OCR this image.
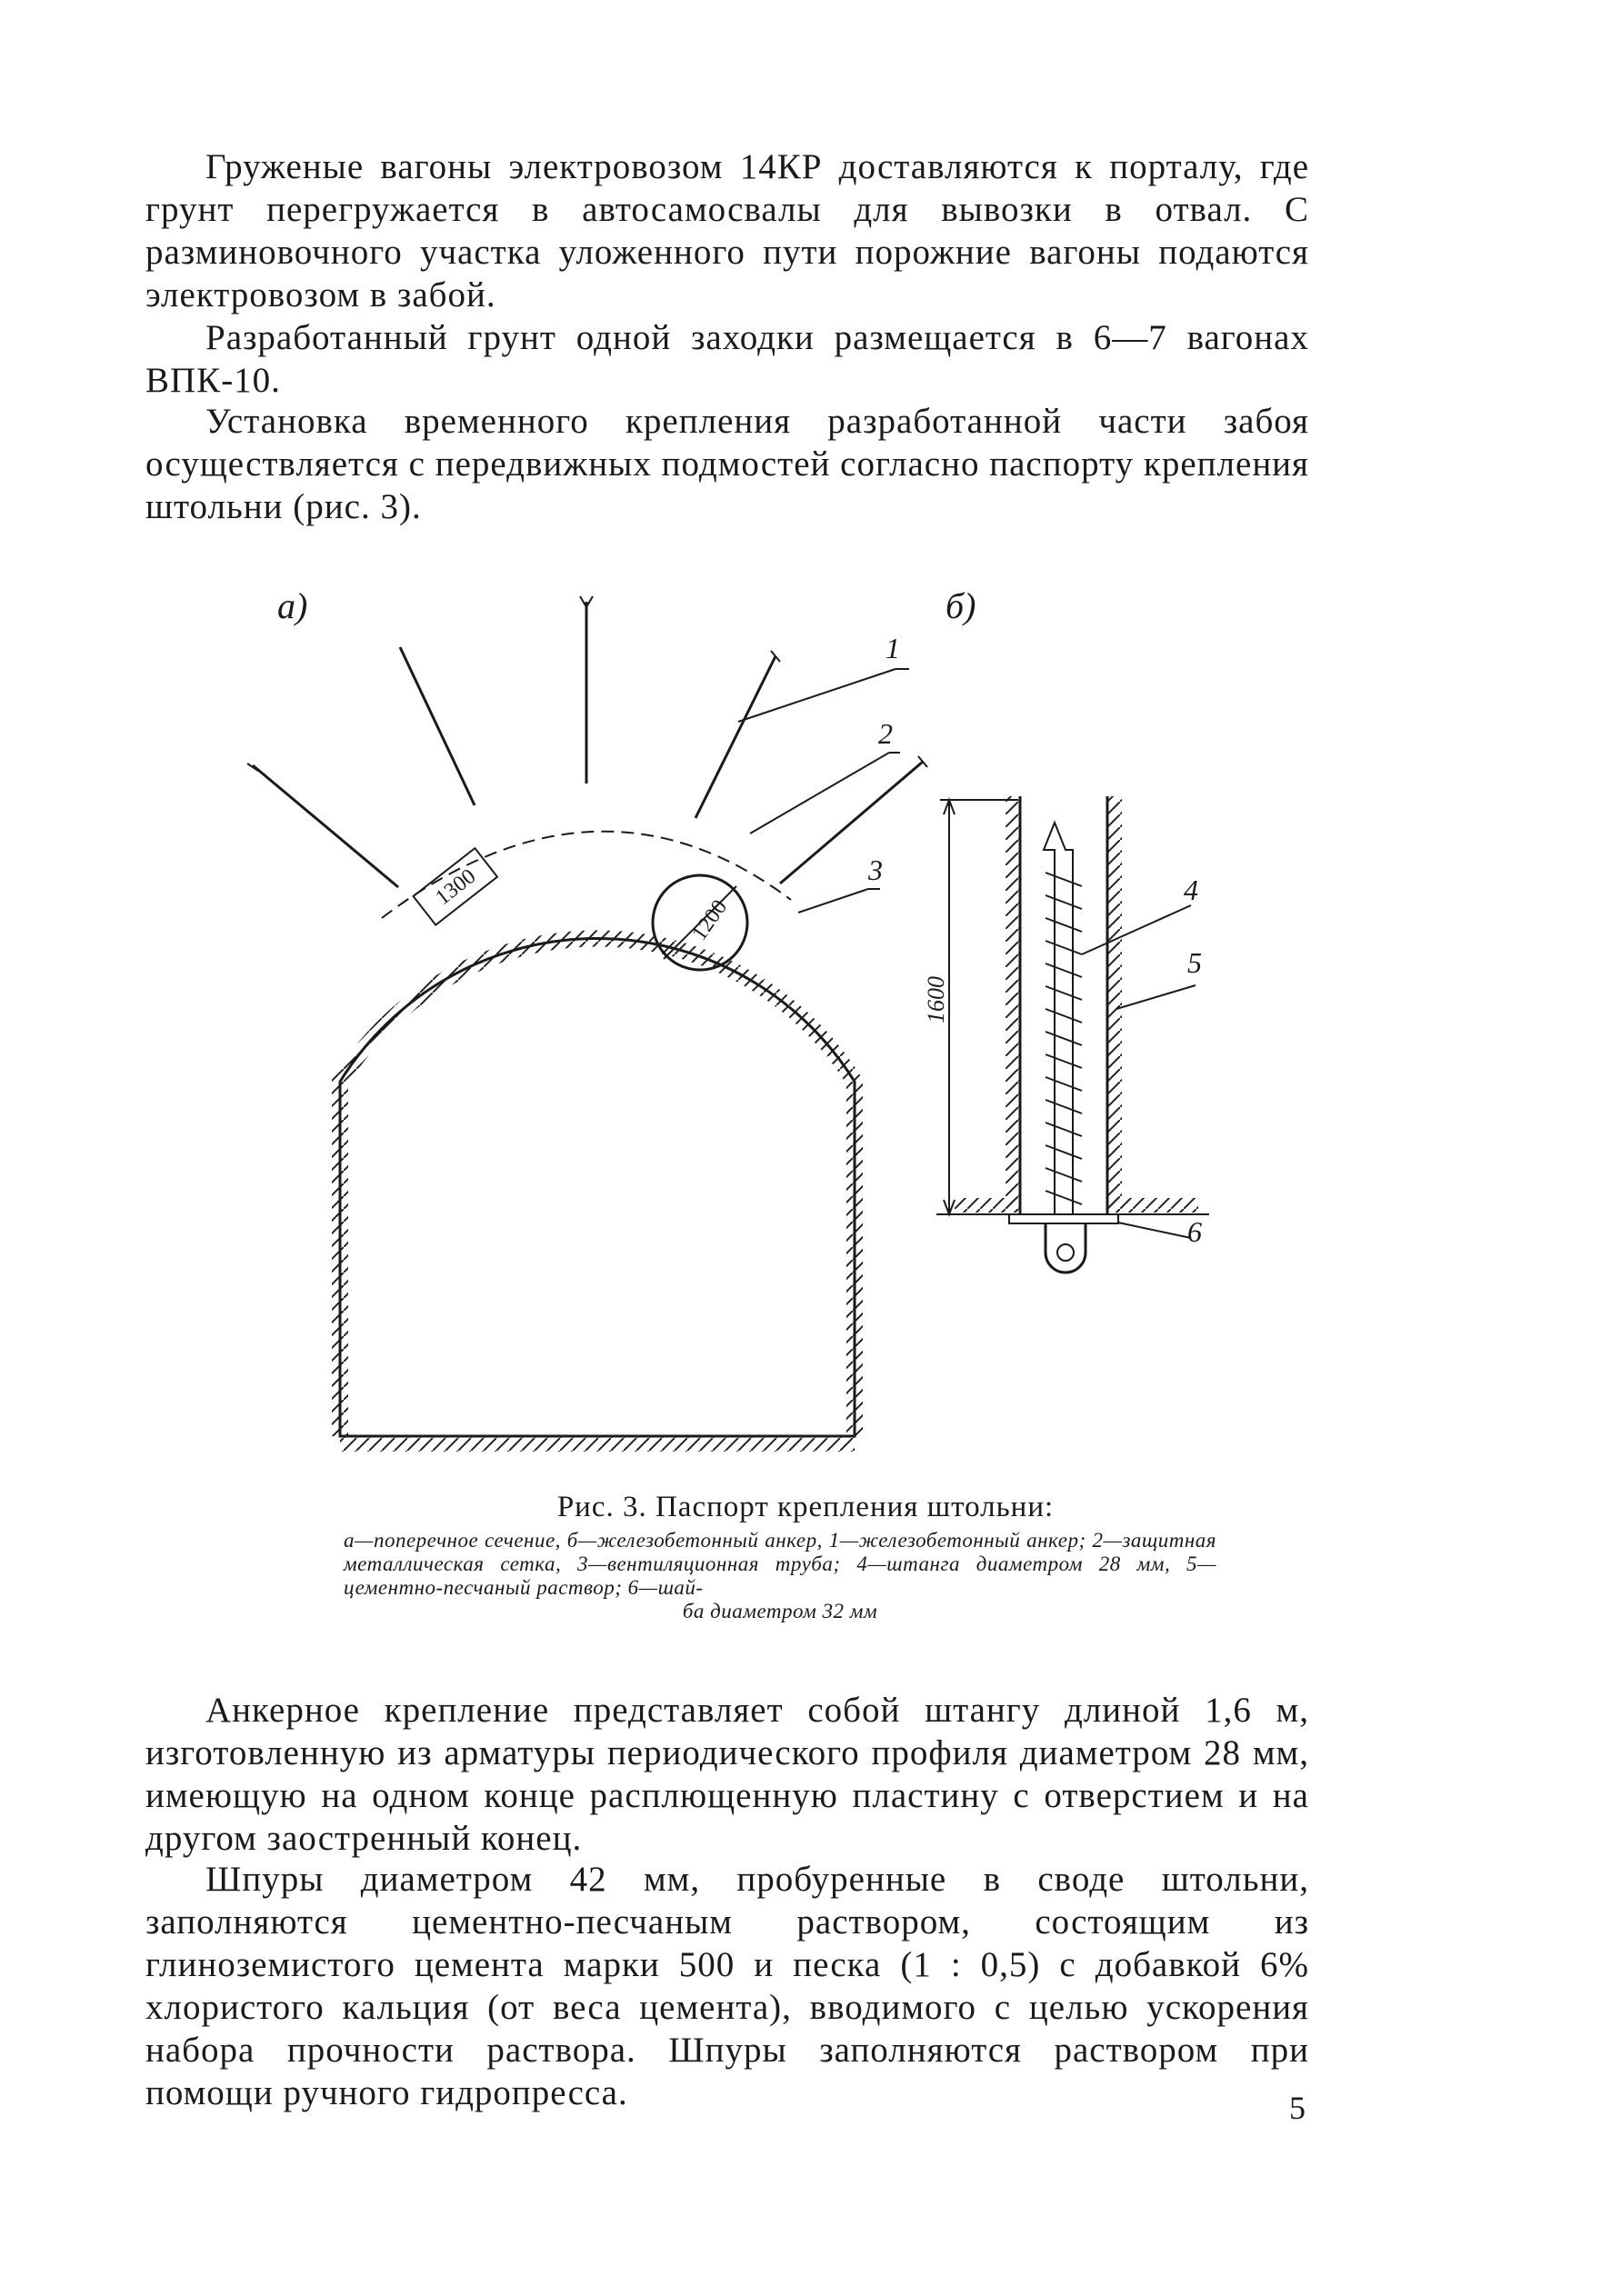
Груженые вагоны электровозом 14КР доставляются к порталу, где грунт перегружается в автосамосвалы для вывозки в отвал. С разминовочного участка уложенного пути порожние вагоны подаются электровозом в забой.

Разработанный грунт одной заходки размещается в 6—7 вагонах ВПК-10.

Установка временного крепления разработанной части забоя осуществляется с передвижных подмостей согласно паспорту крепления штольни (рис. 3).

1300
1200
а)
1
2
3
б)
1600
4
5
6
Рис. 3. Паспорт крепления штольни:
а—поперечное сечение, б—железобетонный анкер, 1—железобетонный анкер; 2—защитная металлическая сетка, 3—вентиляционная труба; 4—штанга диаметром 28 мм, 5—цементно-песчаный раствор; 6—шай-
ба диаметром 32 мм

Анкерное крепление представляет собой штангу длиной 1,6 м, изготовленную из арматуры периодического профиля диаметром 28 мм, имеющую на одном конце расплющенную пластину с отверстием и на другом заостренный конец.

Шпуры диаметром 42 мм, пробуренные в своде штольни, заполняются цементно-песчаным раствором, состоящим из глиноземистого цемента марки 500 и песка (1 : 0,5) с добавкой 6% хлористого кальция (от веса цемента), вводимого с целью ускорения набора прочности раствора. Шпуры заполняются раствором при помощи ручного гидропресса.	5
